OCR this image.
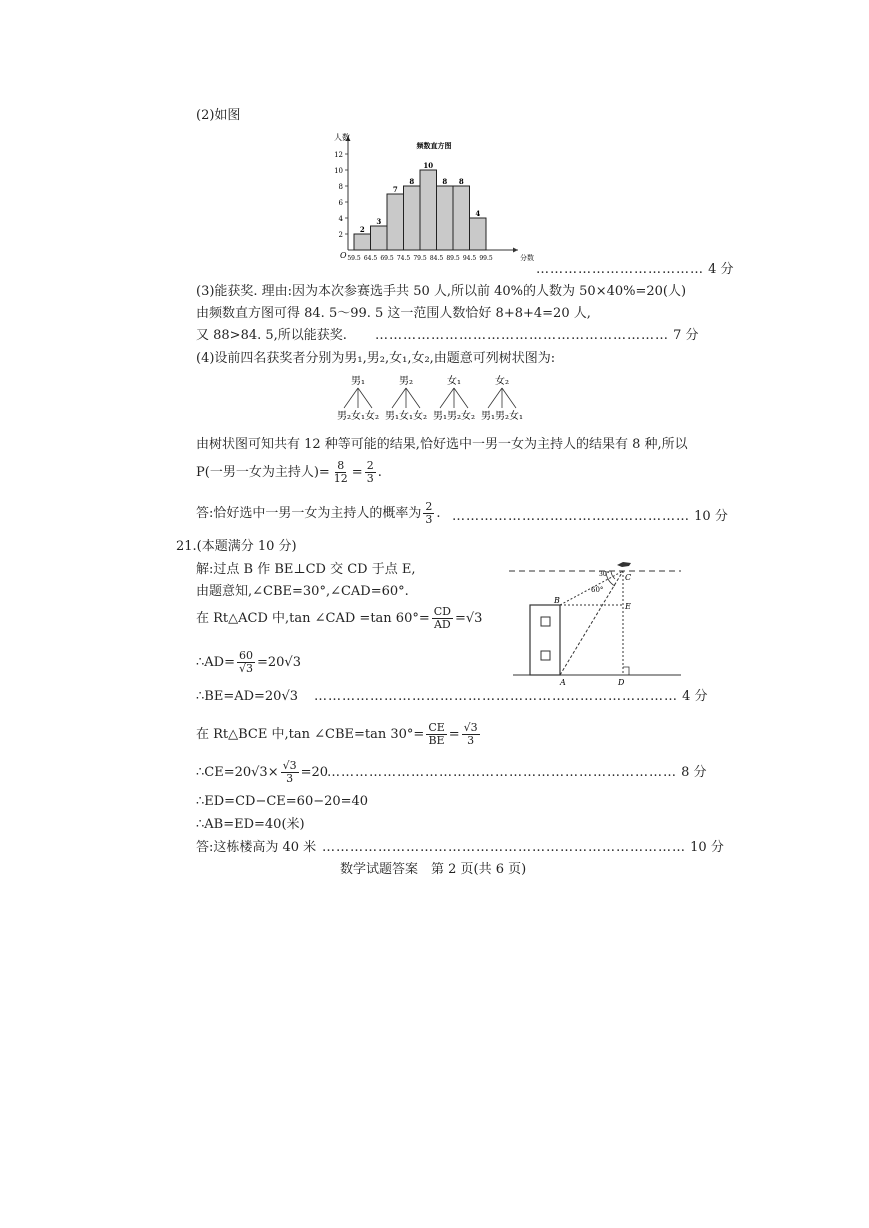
(2)如图
2
4
6
8
10
12
2
3
7
8
10
8 8
4
59.5 64.5 69.5 74.5 79.5 84.5 89.5 94.5 99.5
O
人数
分数
频数直方图
……………………………… 4 分
(3)能获奖. 理由:因为本次参赛选手共 50 人,所以前 40%的人数为 50×40%=20(人)
由频数直方图可得 84. 5～99. 5 这一范围人数恰好 8+8+4=20 人,
又 88>84. 5,所以能获奖. ……………………………………………………… 7 分
(4)设前四名获奖者分别为男₁,男₂,女₁,女₂,由题意可列树状图为:
男₁
男₂ 女₁ 女₂
男₂
男₁ 女₁ 女₂
女₁
男₁ 男₂ 女₂
女₂
男₁ 男₂ 女₁
由树状图可知共有 12 种等可能的结果,恰好选中一男一女为主持人的结果有 8 种,所以
P(一男一女为主持人)= $\frac{8}{12} = \frac{2}{3}$ .
答:恰好选中一男一女为主持人的概率为 $\frac{2}{3}$ . …………………………………………… 10 分
21.(本题满分 10 分)
解:过点 B 作 BE⊥CD 交 CD 于点 E,
由题意知,∠CBE=30°,∠CAD=60°.
在 Rt△ACD 中,tan ∠CAD =tan $60^\circ= \frac{CD}{AD} =√3$
∴AD= $\frac{60}{√3} =20√3$
∴BE=AD=20√3 …………………………………………………………………… 4 分
在 Rt△BCE 中,tan ∠CBE=tan $30^\circ= \frac{CE}{BE} = \frac{√3}{3}$
∴CE=20√3× $\frac{√3}{3} =20$
………………………………………………………………… 8 分
∴ED=CD−CE=60−20=40
∴AB=ED=40(米)
答:这栋楼高为 40 米 …………………………………………………………………… 10 分
B
C
E
A	D
30°
60°
数学试题答案　第 2 页(共 6 页)
